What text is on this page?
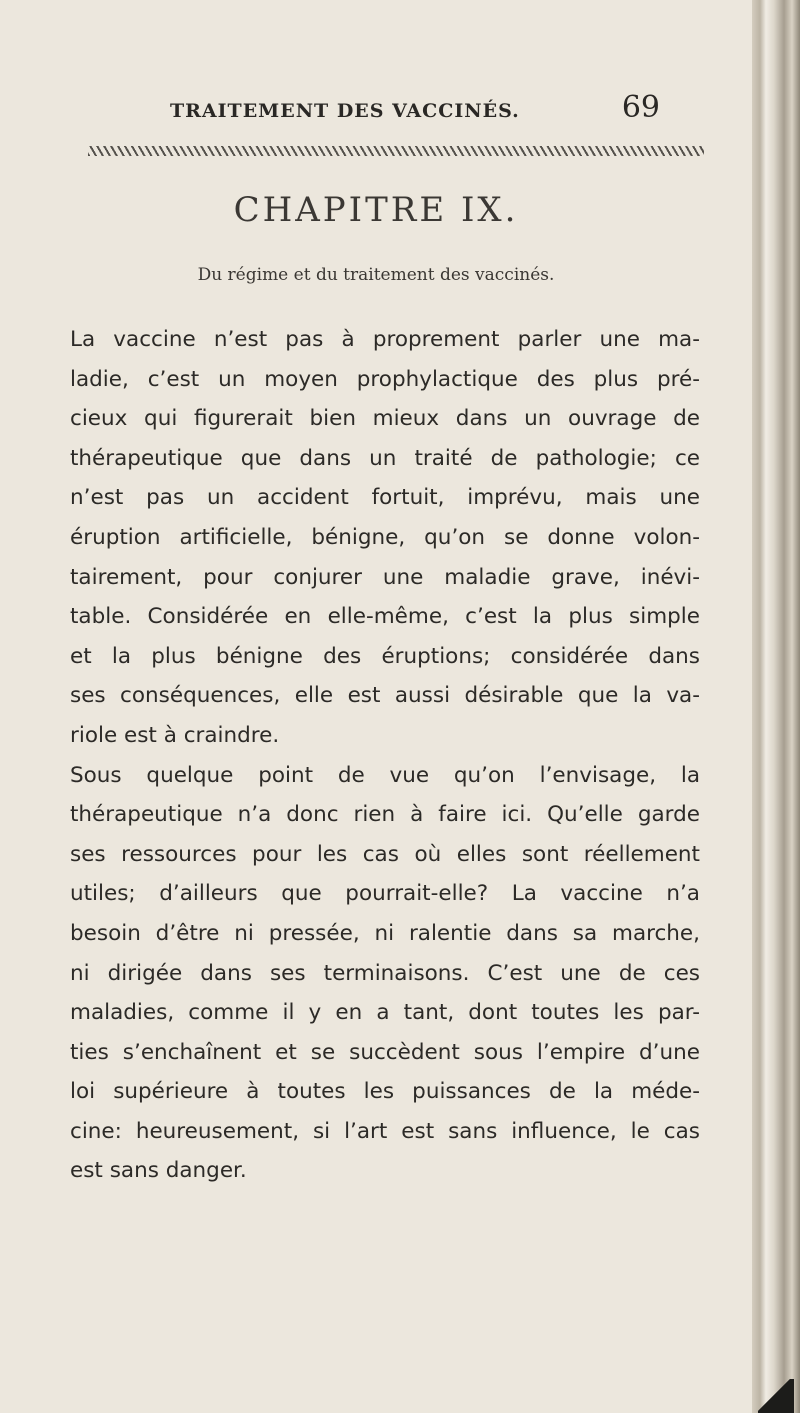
TRAITEMENT DES VACCINÉS.	69
CHAPITRE IX.

Du régime et du traitement des vaccinés.

La vaccine n’est pas à proprement parler une ma-
ladie, c’est un moyen prophylactique des plus pré-
cieux qui figurerait bien mieux dans un ouvrage de
thérapeutique que dans un traité de pathologie; ce
n’est pas un accident fortuit, imprévu, mais une
éruption artificielle, bénigne, qu’on se donne volon-
tairement, pour conjurer une maladie grave, inévi-
table. Considérée en elle-même, c’est la plus simple
et la plus bénigne des éruptions; considérée dans
ses conséquences, elle est aussi désirable que la va-
riole est à craindre.
Sous quelque point de vue qu’on l’envisage, la
thérapeutique n’a donc rien à faire ici. Qu’elle garde
ses ressources pour les cas où elles sont réellement
utiles; d’ailleurs que pourrait-elle? La vaccine n’a
besoin d’être ni pressée, ni ralentie dans sa marche,
ni dirigée dans ses terminaisons. C’est une de ces
maladies, comme il y en a tant, dont toutes les par-
ties s’enchaînent et se succèdent sous l’empire d’une
loi supérieure à toutes les puissances de la méde-
cine: heureusement, si l’art est sans influence, le cas
est sans danger.
